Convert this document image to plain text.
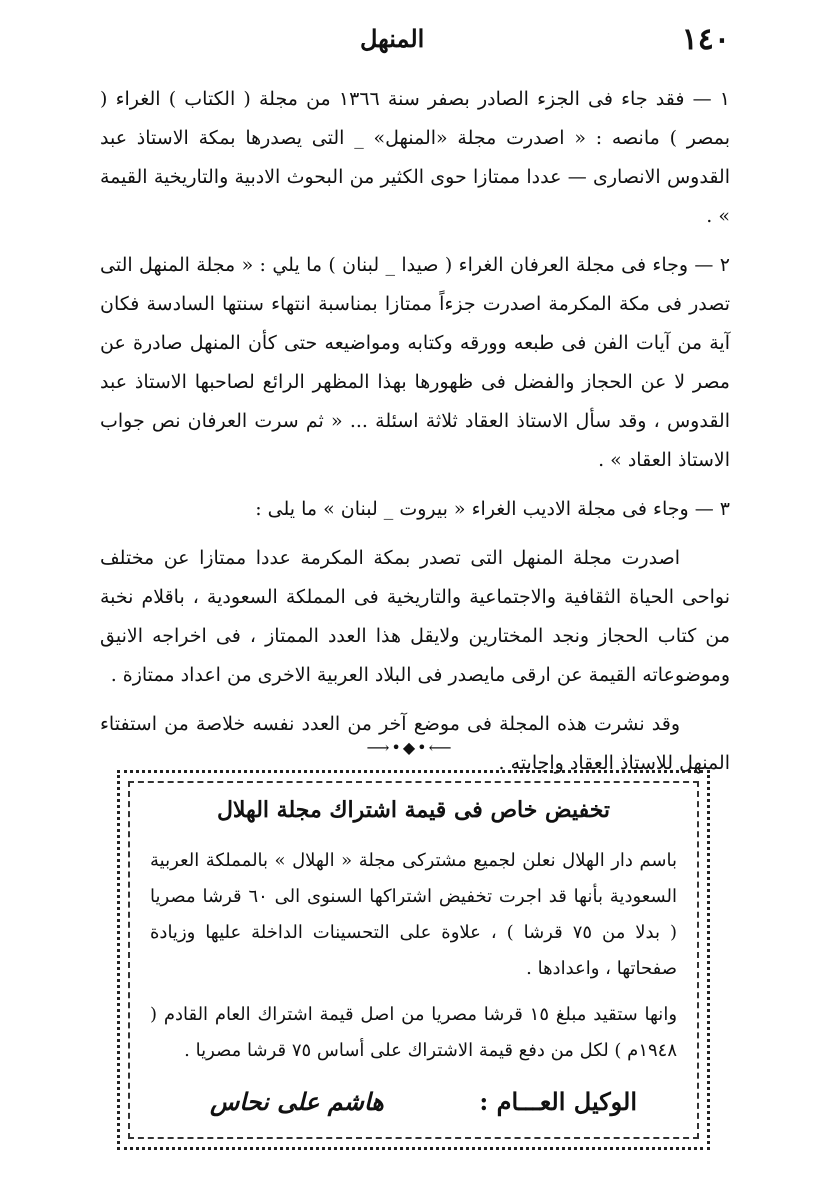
١٤٠
المنهل

١ — فقد جاء فى الجزء الصادر بصفر سنة ١٣٦٦ من مجلة ( الكتاب ) الغراء ( بمصر ) مانصه : « اصدرت مجلة «المنهل» _ التى يصدرها بمكة الاستاذ عبد القدوس الانصارى — عددا ممتازا حوى الكثير من البحوث الادبية والتاريخية القيمة » .

٢ — وجاء فى مجلة العرفان الغراء ( صيدا _ لبنان ) ما يلي : « مجلة المنهل التى تصدر فى مكة المكرمة اصدرت جزءاً ممتازا بمناسبة انتهاء سنتها السادسة فكان آية من آيات الفن فى طبعه وورقه وكتابه ومواضيعه حتى كأن المنهل صادرة عن مصر لا عن الحجاز والفضل فى ظهورها بهذا المظهر الرائع لصاحبها الاستاذ عبد القدوس ، وقد سأل الاستاذ العقاد ثلاثة اسئلة ... « ثم سرت العرفان نص جواب الاستاذ العقاد » .

٣ — وجاء فى مجلة الاديب الغراء « بيروت _ لبنان » ما يلى :

اصدرت مجلة المنهل التى تصدر بمكة المكرمة عددا ممتازا عن مختلف نواحى الحياة الثقافية والاجتماعية والتاريخية فى المملكة السعودية ، باقلام نخبة من كتاب الحجاز ونجد المختارين ولايقل هذا العدد الممتاز ، فى اخراجه الانيق وموضوعاته القيمة عن ارقى مايصدر فى البلاد العربية الاخرى من اعداد ممتازة .

وقد نشرت هذه المجلة فى موضع آخر من العدد نفسه خلاصة من استفتاء المنهل للاستاذ العقاد واجابته .

⟶•◆•⟵
تخفيض خاص فى قيمة اشتراك مجلة الهلال

باسم دار الهلال نعلن لجميع مشتركى مجلة « الهلال » بالمملكة العربية السعودية بأنها قد اجرت تخفيض اشتراكها السنوى الى ٦٠ قرشا مصريا ( بدلا من ٧٥ قرشا ) ، علاوة على التحسينات الداخلة عليها وزيادة صفحاتها ، واعدادها .

وانها ستقيد مبلغ ١٥ قرشا مصريا من اصل قيمة اشتراك العام القادم ( ١٩٤٨م ) لكل من دفع قيمة الاشتراك على أساس ٧٥ قرشا مصريا .

الوكيل العـــام :
هاشم على نحاس
